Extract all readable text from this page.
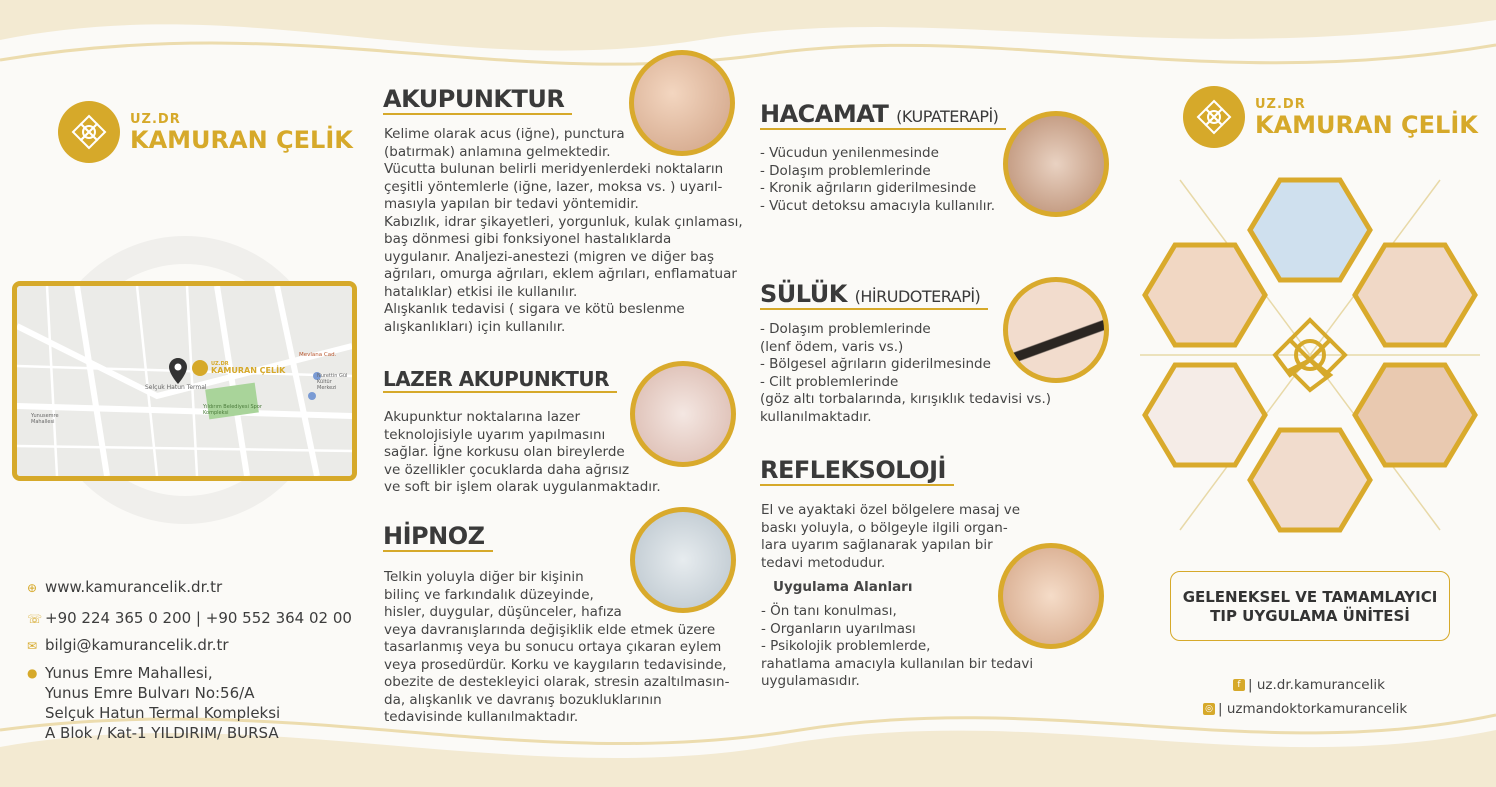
UZ.DR
KAMURAN ÇELİK
UZ.DR
KAMURAN ÇELİK
Selçuk Hatun Termal
Yıldırım Belediyesi Spor Kompleksi
Mevlana Cad.
Yunusemre Mahallesi
Nurettin Gül Kültür Merkezi
⊕ www.kamurancelik.dr.tr
☏ +90 224 365 0 200 | +90 552 364 02 00
✉ bilgi@kamurancelik.dr.tr
● Yunus Emre Mahallesi,
Yunus Emre Bulvarı No:56/A
Selçuk Hatun Termal Kompleksi
A Blok / Kat-1 YILDIRIM/ BURSA
AKUPUNKTUR
Kelime olarak acus (iğne), punctura
(batırmak) anlamına gelmektedir.
Vücutta bulunan belirli meridyenlerdeki noktaların
çeşitli yöntemlerle (iğne, lazer, moksa vs. ) uyarıl-
masıyla yapılan bir tedavi yöntemidir.
Kabızlık, idrar şikayetleri, yorgunluk, kulak çınlaması,
baş dönmesi gibi fonksiyonel hastalıklarda
uygulanır. Analjezi-anestezi (migren ve diğer baş
ağrıları, omurga ağrıları, eklem ağrıları, enflamatuar
hatalıklar) etkisi ile kullanılır.
Alışkanlık tedavisi ( sigara ve kötü beslenme
alışkanlıkları) için kullanılır.
LAZER AKUPUNKTUR
Akupunktur noktalarına lazer
teknolojisiyle uyarım yapılmasını
sağlar. İğne korkusu olan bireylerde
ve özellikler çocuklarda daha ağrısız
ve soft bir işlem olarak uygulanmaktadır.
HİPNOZ
Telkin yoluyla diğer bir kişinin
bilinç ve farkındalık düzeyinde,
hisler, duygular, düşünceler, hafıza
veya davranışlarında değişiklik elde etmek üzere
tasarlanmış veya bu sonucu ortaya çıkaran eylem
veya prosedürdür. Korku ve kaygıların tedavisinde,
obezite de destekleyici olarak, stresin azaltılmasın-
da, alışkanlık ve davranış bozukluklarının
tedavisinde kullanılmaktadır.
HACAMAT (KUPATERAPİ)
- Vücudun yenilenmesinde
- Dolaşım problemlerinde
- Kronik ağrıların giderilmesinde
- Vücut detoksu amacıyla kullanılır.
SÜLÜK (HİRUDOTERAPİ)
- Dolaşım problemlerinde
(lenf ödem, varis vs.)
- Bölgesel ağrıların giderilmesinde
- Cilt problemlerinde
(göz altı torbalarında, kırışıklık tedavisi vs.)
kullanılmaktadır.
REFLEKSOLOJİ
El ve ayaktaki özel bölgelere masaj ve
baskı yoluyla, o bölgeyle ilgili organ-
lara uyarım sağlanarak yapılan bir
tedavi metodudur.
Uygulama Alanları
- Ön tanı konulması,
- Organların uyarılması
- Psikolojik problemlerde,
rahatlama amacıyla kullanılan bir tedavi
uygulamasıdır.
UZ.DR
KAMURAN ÇELİK
GELENEKSEL VE TAMAMLAYICI
TIP UYGULAMA ÜNİTESİ
f | uz.dr.kamurancelik
◎ | uzmandoktorkamurancelik
